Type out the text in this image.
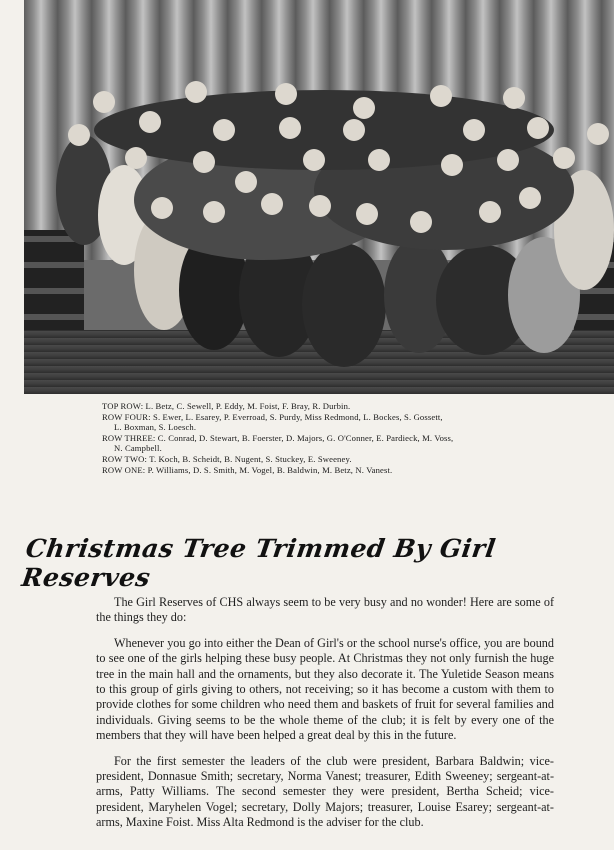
TOP ROW: L. Betz, C. Sewell, P. Eddy, M. Foist, F. Bray, R. Durbin.
ROW FOUR: S. Ewer, L. Esarey, P. Everroad, S. Purdy, Miss Redmond, L. Bockes, S. Gossett,
L. Boxman, S. Loesch.
ROW THREE: C. Conrad, D. Stewart, B. Foerster, D. Majors, G. O'Conner, E. Pardieck, M. Voss,
N. Campbell.
ROW TWO: T. Koch, B. Scheidt, B. Nugent, S. Stuckey, E. Sweeney.
ROW ONE: P. Williams, D. S. Smith, M. Vogel, B. Baldwin, M. Betz, N. Vanest.
Christmas Tree Trimmed By Girl Reserves

The Girl Reserves of CHS always seem to be very busy and no wonder! Here are some of the things they do:

Whenever you go into either the Dean of Girl's or the school nurse's office, you are bound to see one of the girls helping these busy people. At Christmas they not only furnish the huge tree in the main hall and the ornaments, but they also decorate it. The Yuletide Season means to this group of girls giving to others, not receiving; so it has become a custom with them to provide clothes for some children who need them and baskets of fruit for several families and individuals. Giving seems to be the whole theme of the club; it is felt by every one of the members that they will have been helped a great deal by this in the future.

For the first semester the leaders of the club were president, Barbara Baldwin; vice-president, Donnasue Smith; secretary, Norma Vanest; treasurer, Edith Sweeney; sergeant-at-arms, Patty Williams. The second semester they were president, Bertha Scheid; vice-president, Maryhelen Vogel; secretary, Dolly Majors; treasurer, Louise Esarey; sergeant-at-arms, Maxine Foist. Miss Alta Redmond is the adviser for the club.
